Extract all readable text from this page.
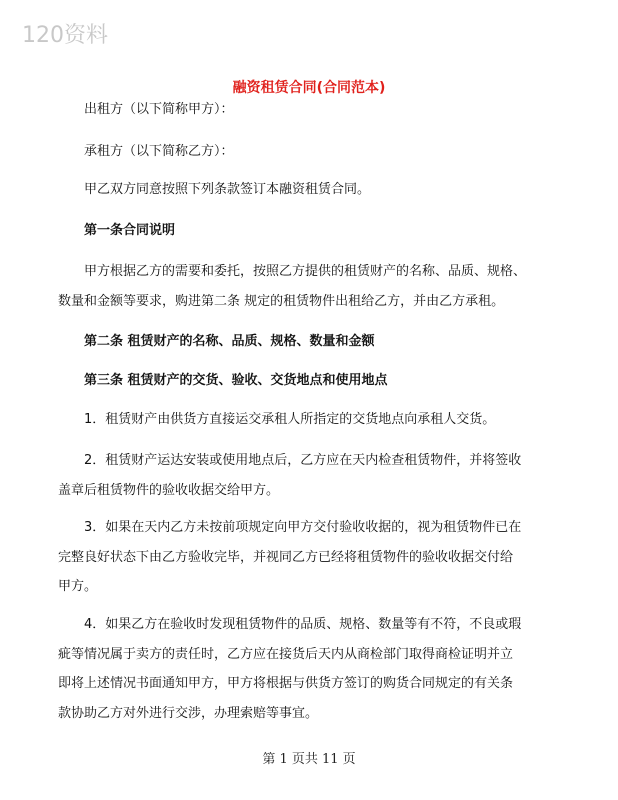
120资料
融资租赁合同(合同范本)
出租方（以下简称甲方）：
承租方（以下简称乙方）：
甲乙双方同意按照下列条款签订本融资租赁合同。
第一条合同说明
甲方根据乙方的需要和委托，按照乙方提供的租赁财产的名称、品质、规格、
数量和金额等要求，购进第二条 规定的租赁物件出租给乙方，并由乙方承租。
第二条 租赁财产的名称、品质、规格、数量和金额
第三条 租赁财产的交货、验收、交货地点和使用地点
1．租赁财产由供货方直接运交承租人所指定的交货地点向承租人交货。
2．租赁财产运达安装或使用地点后，乙方应在天内检查租赁物件，并将签收
盖章后租赁物件的验收收据交给甲方。
3．如果在天内乙方未按前项规定向甲方交付验收收据的，视为租赁物件已在
完整良好状态下由乙方验收完毕，并视同乙方已经将租赁物件的验收收据交付给
甲方。
4．如果乙方在验收时发现租赁物件的品质、规格、数量等有不符，不良或瑕
疵等情况属于卖方的责任时，乙方应在接货后天内从商检部门取得商检证明并立
即将上述情况书面通知甲方，甲方将根据与供货方签订的购货合同规定的有关条
款协助乙方对外进行交涉，办理索赔等事宜。
第 1 页共 11 页
